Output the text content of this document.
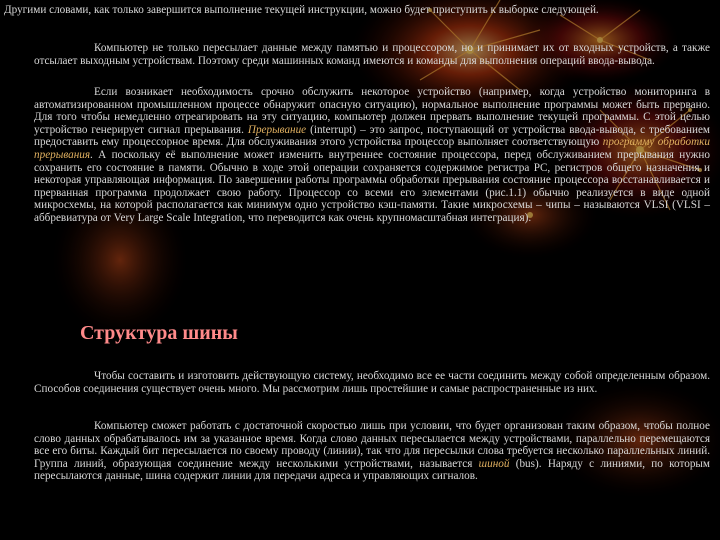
Другими словами, как только завершится выполнение текущей инструкции, можно будет приступить к выборке следующей.

Компьютер не только пересылает данные между памятью и процессором, но и принимает их от входных устройств, а также отсылает выходным устройствам. Поэтому среди машинных команд имеются и команды для выполнения операций ввода-вывода.

Если возникает необходимость срочно обслужить некоторое устройство (например, когда устройство мониторинга в автоматизированном промышленном процессе обнаружит опасную ситуацию), нормальное выполнение программы может быть прервано. Для того чтобы немедленно отреагировать на эту ситуацию, компьютер должен прервать выполнение текущей программы. С этой целью устройство генерирует сигнал прерывания. Прерывание (interrupt) – это запрос, поступающий от устройства ввода-вывода, с требованием предоставить ему процессорное время. Для обслуживания этого устройства процессор выполняет соответствующую программу обработки прерывания. А поскольку её выполнение может изменить внутреннее состояние процессора, перед обслуживанием прерывания нужно сохранить его состояние в памяти. Обычно в ходе этой операции сохраняется содержимое регистра PC, регистров общего назначения и некоторая управляющая информация. По завершении работы программы обработки прерывания состояние процессора восстанавливается и прерванная программа продолжает свою работу. Процессор со всеми его элементами (рис.1.1) обычно реализуется в виде одной микросхемы, на которой располагается как минимум одно устройство кэш-памяти. Такие микросхемы – чипы – называются VLSI (VLSI – аббревиатура от Very Large Scale Integration, что переводится как очень крупномасштабная интеграция).

Структура шины

Чтобы составить и изготовить действующую систему, необходимо все ее части соединить между собой определенным образом. Способов соединения существует очень много. Мы рассмотрим лишь простейшие и самые распространенные из них.

Компьютер сможет работать с достаточной скоростью лишь при условии, что будет организован таким образом, чтобы полное слово данных обрабатывалось им за указанное время. Когда слово данных пересылается между устройствами, параллельно перемещаются все его биты. Каждый бит пересылается по своему проводу (линии), так что для пересылки слова требуется несколько параллельных линий. Группа линий, образующая соединение между несколькими устройствами, называется шиной (bus). Наряду с линиями, по которым пересылаются данные, шина содержит линии для передачи адреса и управляющих сигналов.
